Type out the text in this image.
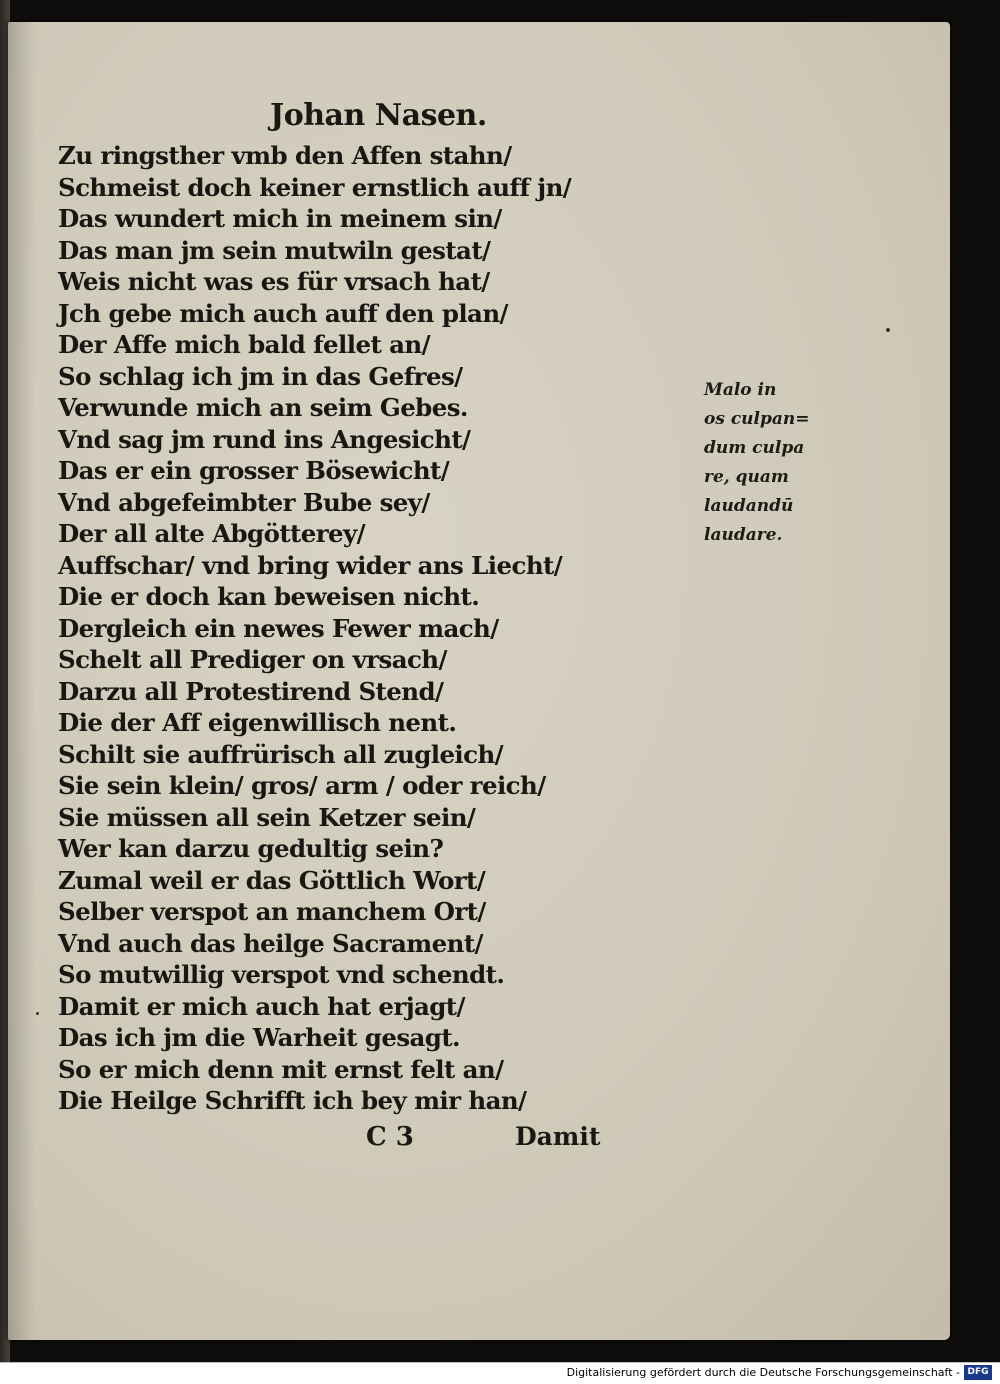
Johan Nasen.
Zu ringsther vmb den Affen stahn/
Schmeist doch keiner ernstlich auff jn/
Das wundert mich in meinem sin/
Das man jm sein mutwiln gestat/
Weis nicht was es für vrsach hat/
Jch gebe mich auch auff den plan/
Der Affe mich bald fellet an/
So schlag ich jm in das Gefres/
Verwunde mich an seim Gebes.
Vnd sag jm rund ins Angesicht/
Das er ein grosser Bösewicht/
Vnd abgefeimbter Bube sey/
Der all alte Abgötterey/
Auffschar/ vnd bring wider ans Liecht/
Die er doch kan beweisen nicht.
Dergleich ein newes Fewer mach/
Schelt all Prediger on vrsach/
Darzu all Protestirend Stend/
Die der Aff eigenwillisch nent.
Schilt sie auffrürisch all zugleich/
Sie sein klein/ gros/ arm / oder reich/
Sie müssen all sein Ketzer sein/
Wer kan darzu gedultig sein?
Zumal weil er das Göttlich Wort/
Selber verspot an manchem Ort/
Vnd auch das heilge Sacrament/
So mutwillig verspot vnd schendt.
Damit er mich auch hat erjagt/
Das ich jm die Warheit gesagt.
So er mich denn mit ernst felt an/
Die Heilge Schrifft ich bey mir han/
Malo in
os culpan=
dum culpa
re, quam
laudandū
laudare.
C 3	Damit
Digitalisierung gefördert durch die Deutsche Forschungsgemeinschaft - DFG
